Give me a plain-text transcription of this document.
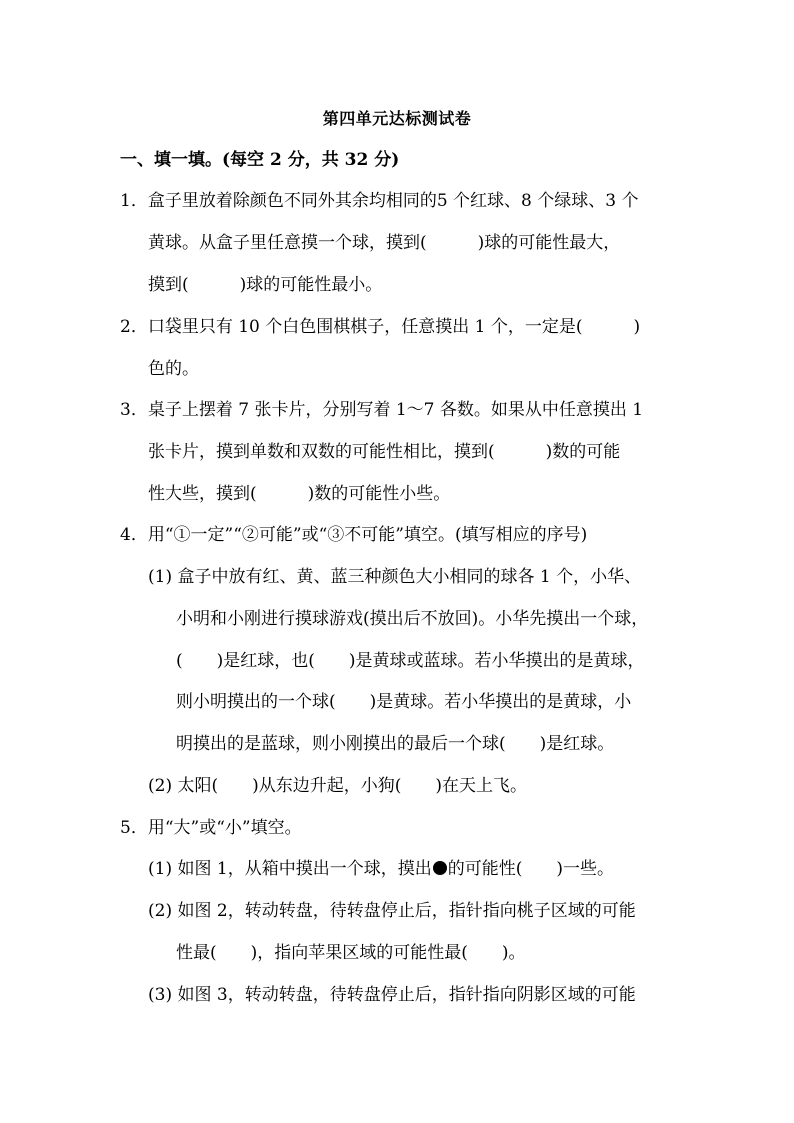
第四单元达标测试卷
一、填一填。(每空 2 分，共 32 分)
1．盒子里放着除颜色不同外其余均相同的5 个红球、8 个绿球、3 个
黄球。从盒子里任意摸一个球，摸到(　　　)球的可能性最大，
摸到(　　　)球的可能性最小。
2．口袋里只有 10 个白色围棋棋子，任意摸出 1 个，一定是(　　　)
色的。
3．桌子上摆着 7 张卡片，分别写着 1～7 各数。如果从中任意摸出 1
张卡片，摸到单数和双数的可能性相比，摸到(　　　)数的可能
性大些，摸到(　　　)数的可能性小些。
4．用“①一定”“②可能”或“③不可能”填空。(填写相应的序号)
(1) 盒子中放有红、黄、蓝三种颜色大小相同的球各 1 个，小华、
小明和小刚进行摸球游戏(摸出后不放回)。小华先摸出一个球，
(　　)是红球，也(　　)是黄球或蓝球。若小华摸出的是黄球，
则小明摸出的一个球(　　)是黄球。若小华摸出的是黄球，小
明摸出的是蓝球，则小刚摸出的最后一个球(　　)是红球。
(2) 太阳(　　)从东边升起，小狗(　　)在天上飞。
5．用“大”或“小”填空。
(1) 如图 1，从箱中摸出一个球，摸出 的可能性(　　)一些。
(2) 如图 2，转动转盘，待转盘停止后，指针指向桃子区域的可能
性最(　　)，指向苹果区域的可能性最(　　)。
(3) 如图 3，转动转盘，待转盘停止后，指针指向阴影区域的可能
